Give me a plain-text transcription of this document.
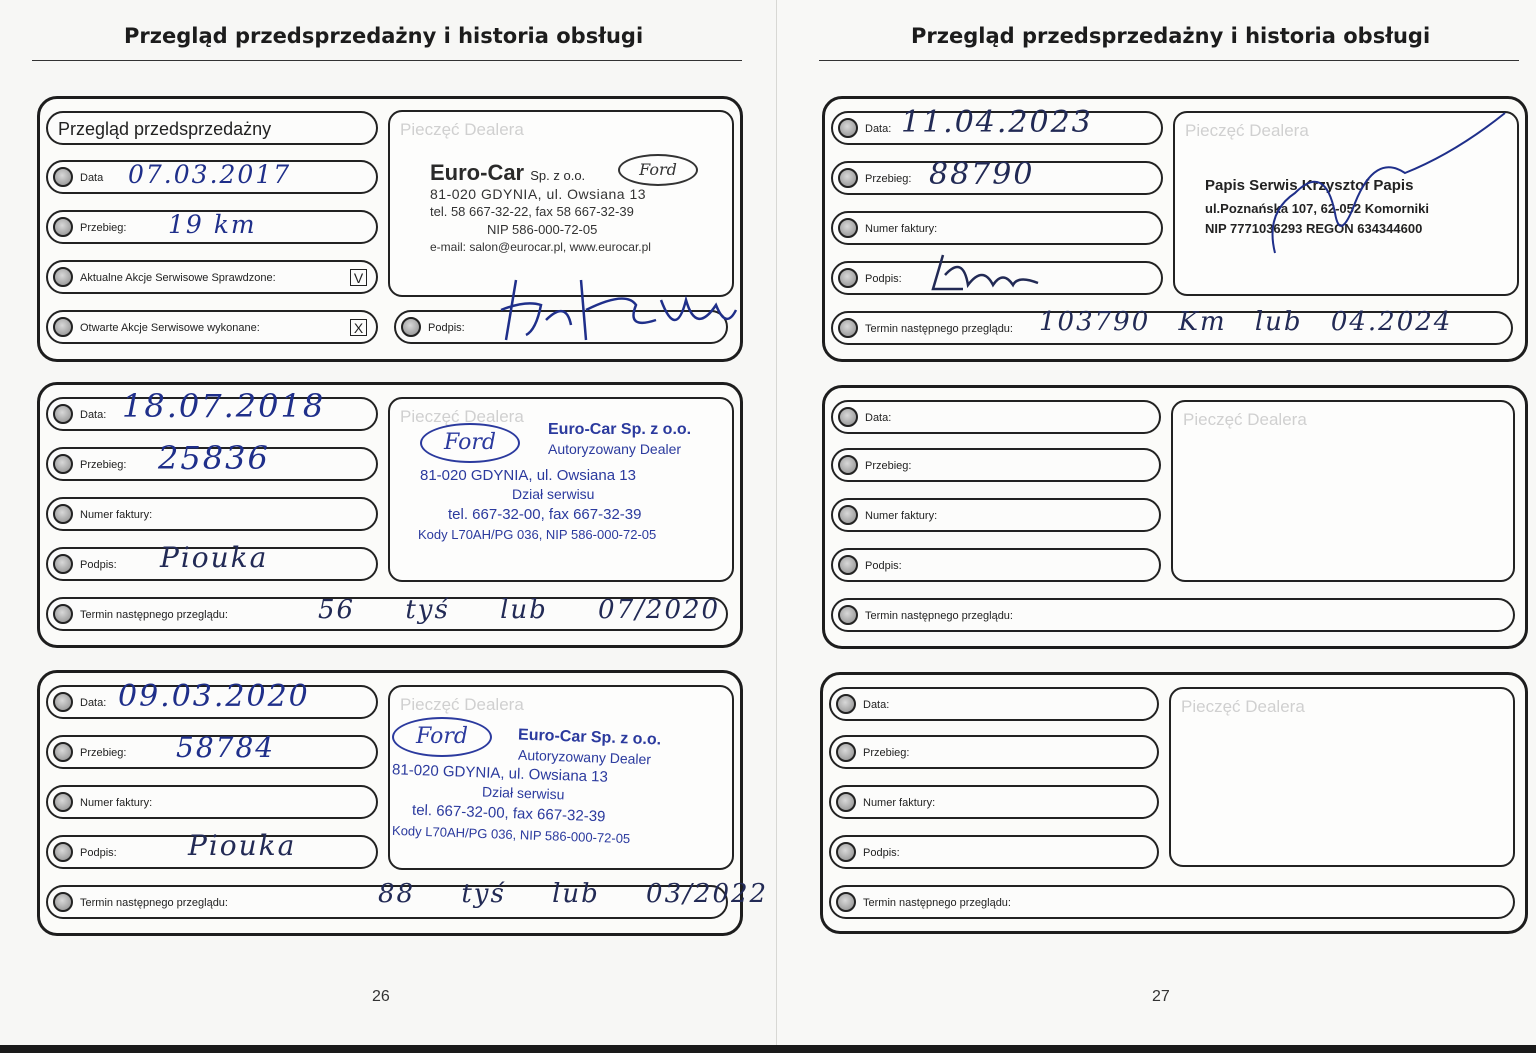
Przegląd przedsprzedażny i historia obsługi
Przegląd przedsprzedażny
Data 07.03.2017
Przebieg: 19 km
Aktualne Akcje Serwisowe Sprawdzone:	V
Otwarte Akcje Serwisowe wykonane:	X
Pieczęć Dealera
Euro-Car Sp. z o.o.	Ford
81-020 GDYNIA, ul. Owsiana 13
tel. 58 667-32-22, fax 58 667-32-39
NIP 586-000-72-05
e-mail: salon@eurocar.pl, www.eurocar.pl
Podpis:
Data: 18.07.2018
Przebieg: 25836
Numer faktury:
Podpis: Piouka
Termin następnego przeglądu:	56 tyś lub 07/2020
Pieczęć Dealera
Ford
Euro-Car Sp. z o.o.
Autoryzowany Dealer
81-020 GDYNIA, ul. Owsiana 13
Dział serwisu
tel. 667-32-00, fax 667-32-39
Kody L70AH/PG 036, NIP 586-000-72-05
Data: 09.03.2020
Przebieg: 58784
Numer faktury:
Podpis:	Piouka
Termin następnego przeglądu:	88 tyś lub 03/2022
Pieczęć Dealera
Ford	Euro-Car Sp. z o.o.
Autoryzowany Dealer
81-020 GDYNIA, ul. Owsiana 13
Dział serwisu
tel. 667-32-00, fax 667-32-39
Kody L70AH/PG 036, NIP 586-000-72-05
26
Przegląd przedsprzedażny i historia obsługi
Data: 11.04.2023
Przebieg: 88790
Numer faktury:
Podpis:
Termin następnego przeglądu: 103790 Km lub 04.2024
Pieczęć Dealera
Papis Serwis Krzysztof Papis
ul.Poznańska 107, 62-052 Komorniki
NIP 7771036293 REGON 634344600
Data:
Przebieg:
Numer faktury:
Podpis:
Termin następnego przeglądu:
Pieczęć Dealera
Data:
Przebieg:
Numer faktury:
Podpis:
Termin następnego przeglądu:
Pieczęć Dealera
27
